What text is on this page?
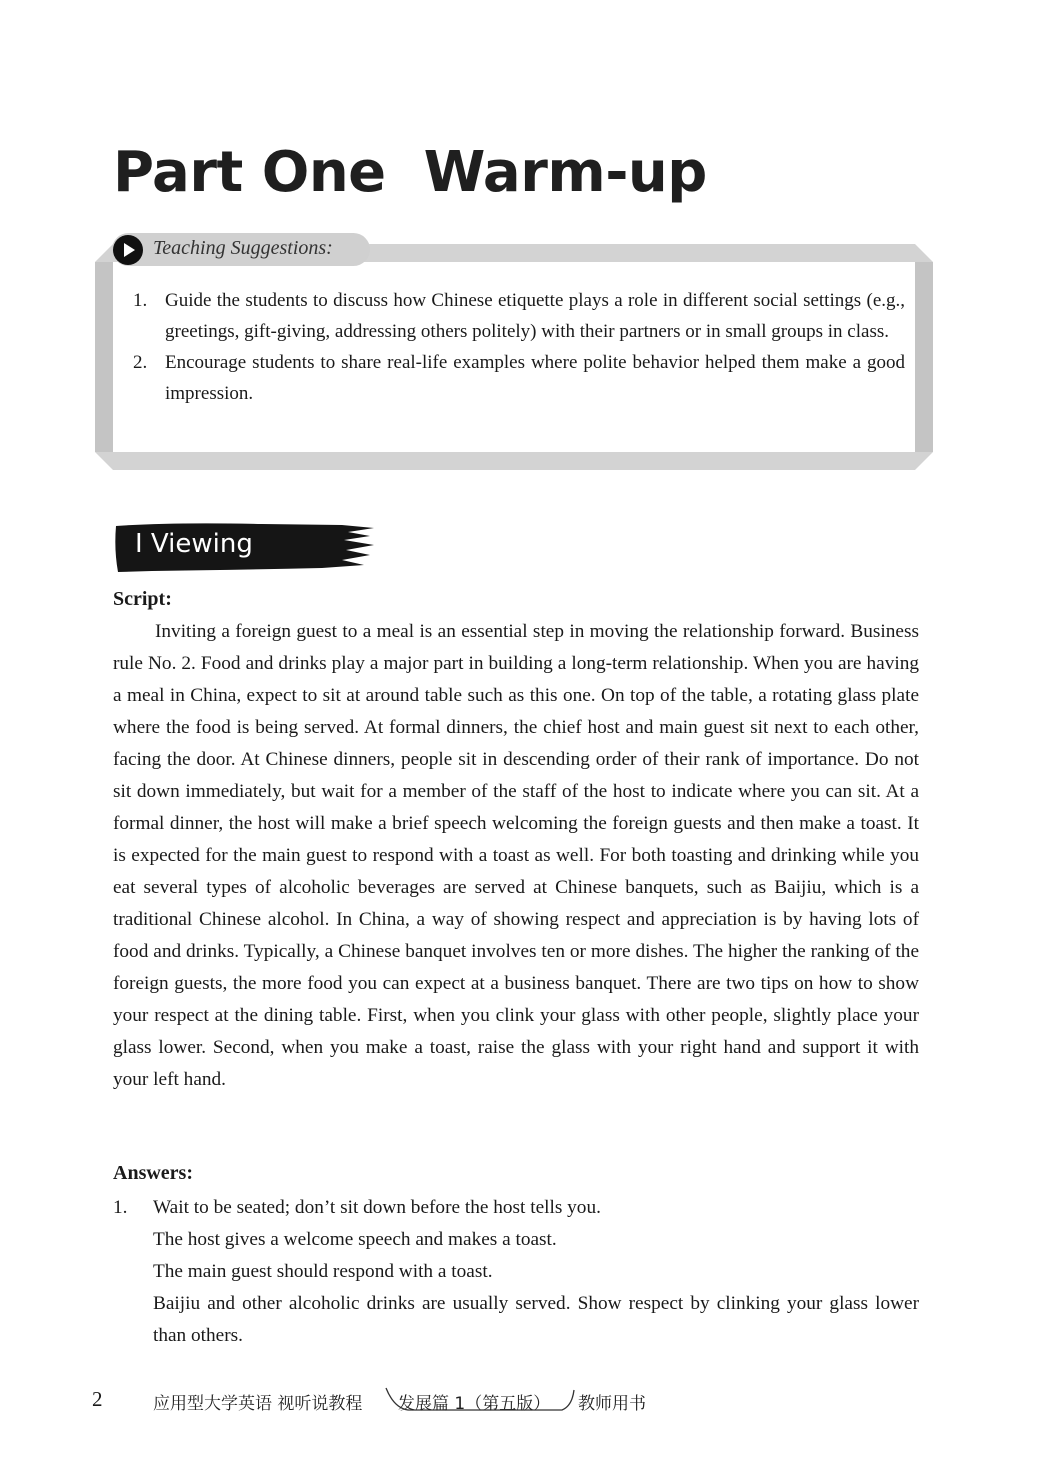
Part One  Warm-up
Teaching Suggestions:
1. Guide the students to discuss how Chinese etiquette plays a role in different social settings (e.g., greetings, gift-giving, addressing others politely) with their partners or in small groups in class.
2. Encourage students to share real-life examples where polite behavior helped them make a good impression.
I Viewing
Script:

Inviting a foreign guest to a meal is an essential step in moving the relationship forward. Business rule No. 2. Food and drinks play a major part in building a long-term relationship. When you are having a meal in China, expect to sit at around table such as this one. On top of the table, a rotating glass plate where the food is being served. At formal dinners, the chief host and main guest sit next to each other, facing the door. At Chinese dinners, people sit in descending order of their rank of importance. Do not sit down immediately, but wait for a member of the staff of the host to indicate where you can sit. At a formal dinner, the host will make a brief speech welcoming the foreign guests and then make a toast. It is expected for the main guest to respond with a toast as well. For both toasting and drinking while you eat several types of alcoholic beverages are served at Chinese banquets, such as Baijiu, which is a traditional Chinese alcohol. In China, a way of showing respect and appreciation is by having lots of food and drinks. Typically, a Chinese banquet involves ten or more dishes. The higher the ranking of the foreign guests, the more food you can expect at a business banquet. There are two tips on how to show your respect at the dining table. First, when you clink your glass with other people, slightly place your glass lower. Second, when you make a toast, raise the glass with your right hand and support it with your left hand.

Answers:
1.	Wait to be seated; don’t sit down before the host tells you.
The host gives a welcome speech and makes a toast.
The main guest should respond with a toast.
Baijiu and other alcoholic drinks are usually served. Show respect by clinking your glass lower than others.
2	应用型大学英语 视听说教程 发展篇 1（第五版） 教师用书
